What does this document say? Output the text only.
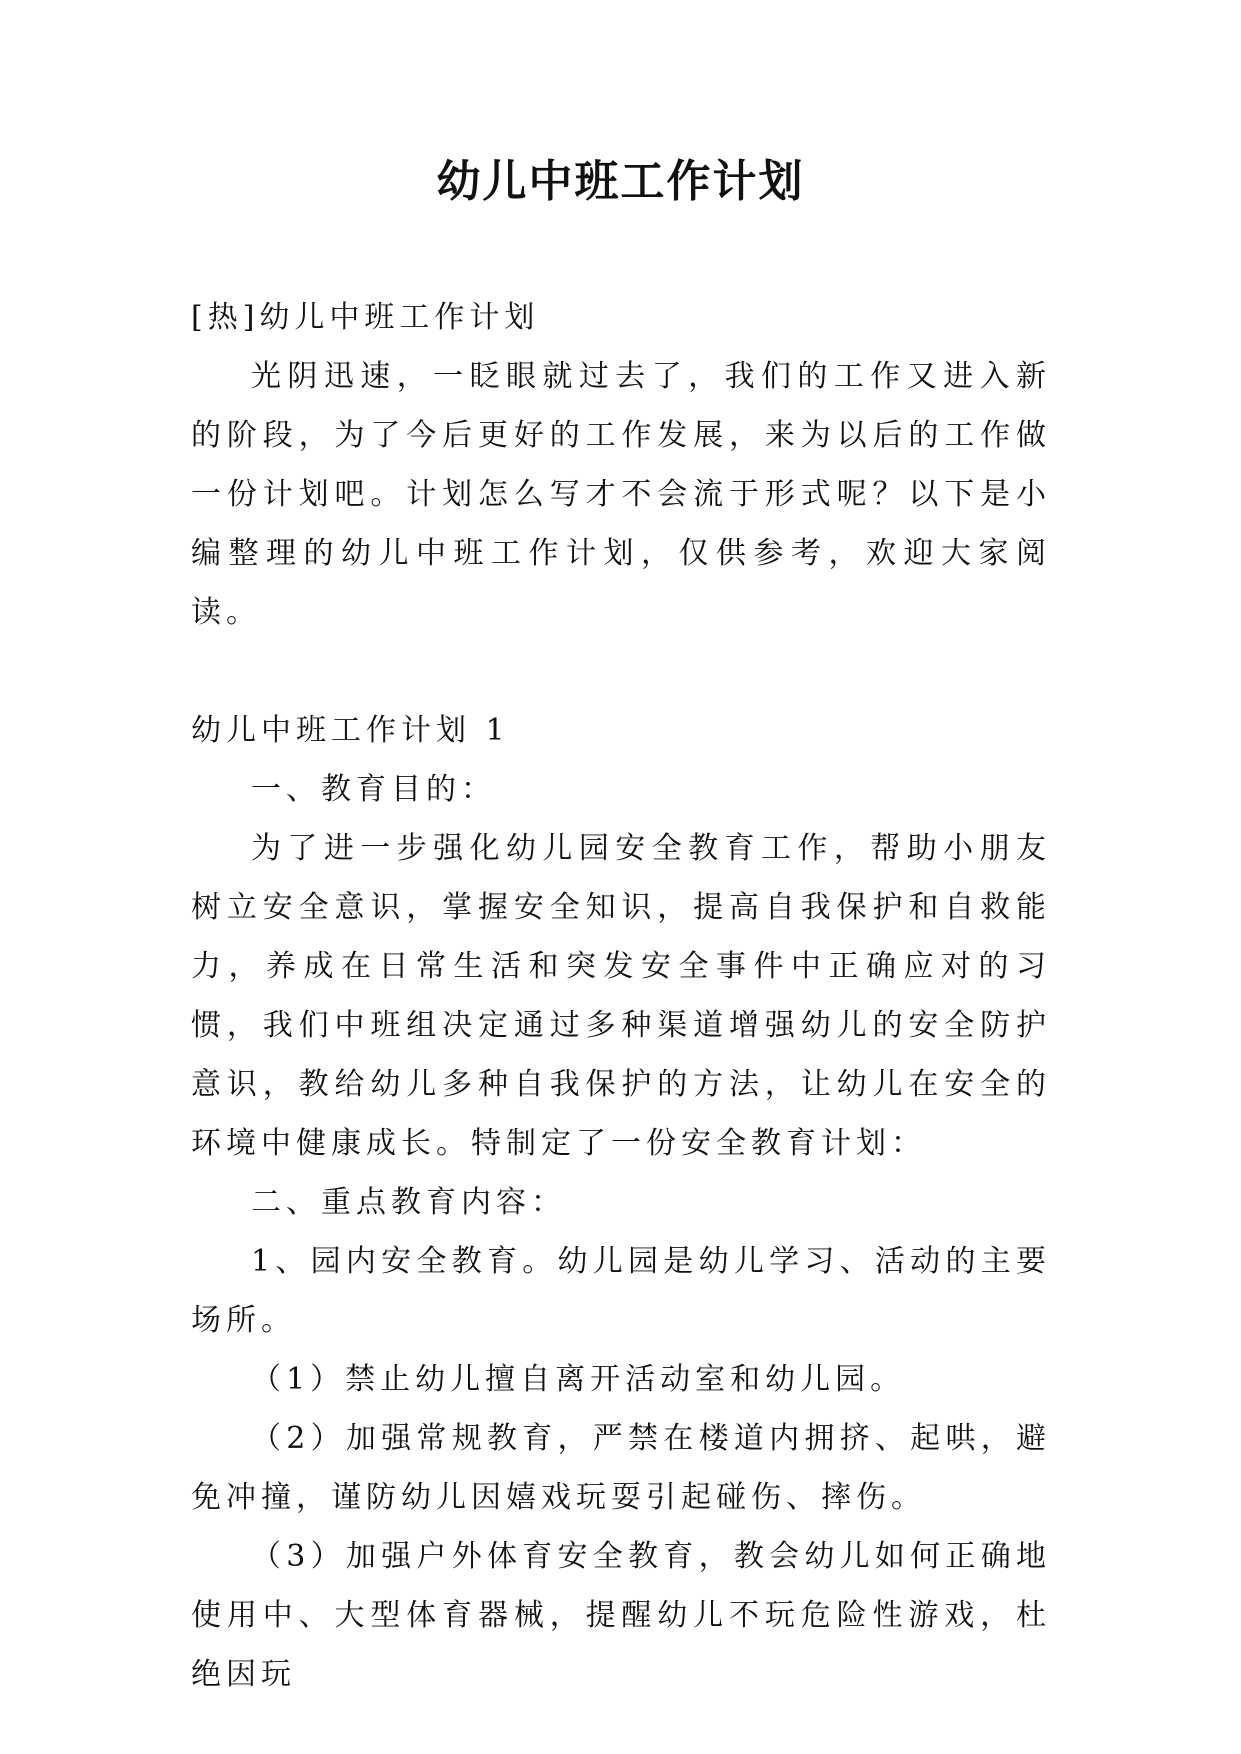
幼儿中班工作计划

[热]幼儿中班工作计划

光阴迅速，一眨眼就过去了，我们的工作又进入新的阶段，为了今后更好的工作发展，来为以后的工作做一份计划吧。计划怎么写才不会流于形式呢？以下是小编整理的幼儿中班工作计划，仅供参考，欢迎大家阅读。

幼儿中班工作计划 1

一、教育目的：

为了进一步强化幼儿园安全教育工作，帮助小朋友树立安全意识，掌握安全知识，提高自我保护和自救能力，养成在日常生活和突发安全事件中正确应对的习惯，我们中班组决定通过多种渠道增强幼儿的安全防护意识，教给幼儿多种自我保护的方法，让幼儿在安全的环境中健康成长。特制定了一份安全教育计划：

二、重点教育内容：

1、园内安全教育。幼儿园是幼儿学习、活动的主要场所。

（1）禁止幼儿擅自离开活动室和幼儿园。

（2）加强常规教育，严禁在楼道内拥挤、起哄，避免冲撞，谨防幼儿因嬉戏玩耍引起碰伤、摔伤。

（3）加强户外体育安全教育，教会幼儿如何正确地使用中、大型体育器械，提醒幼儿不玩危险性游戏，杜绝因玩
